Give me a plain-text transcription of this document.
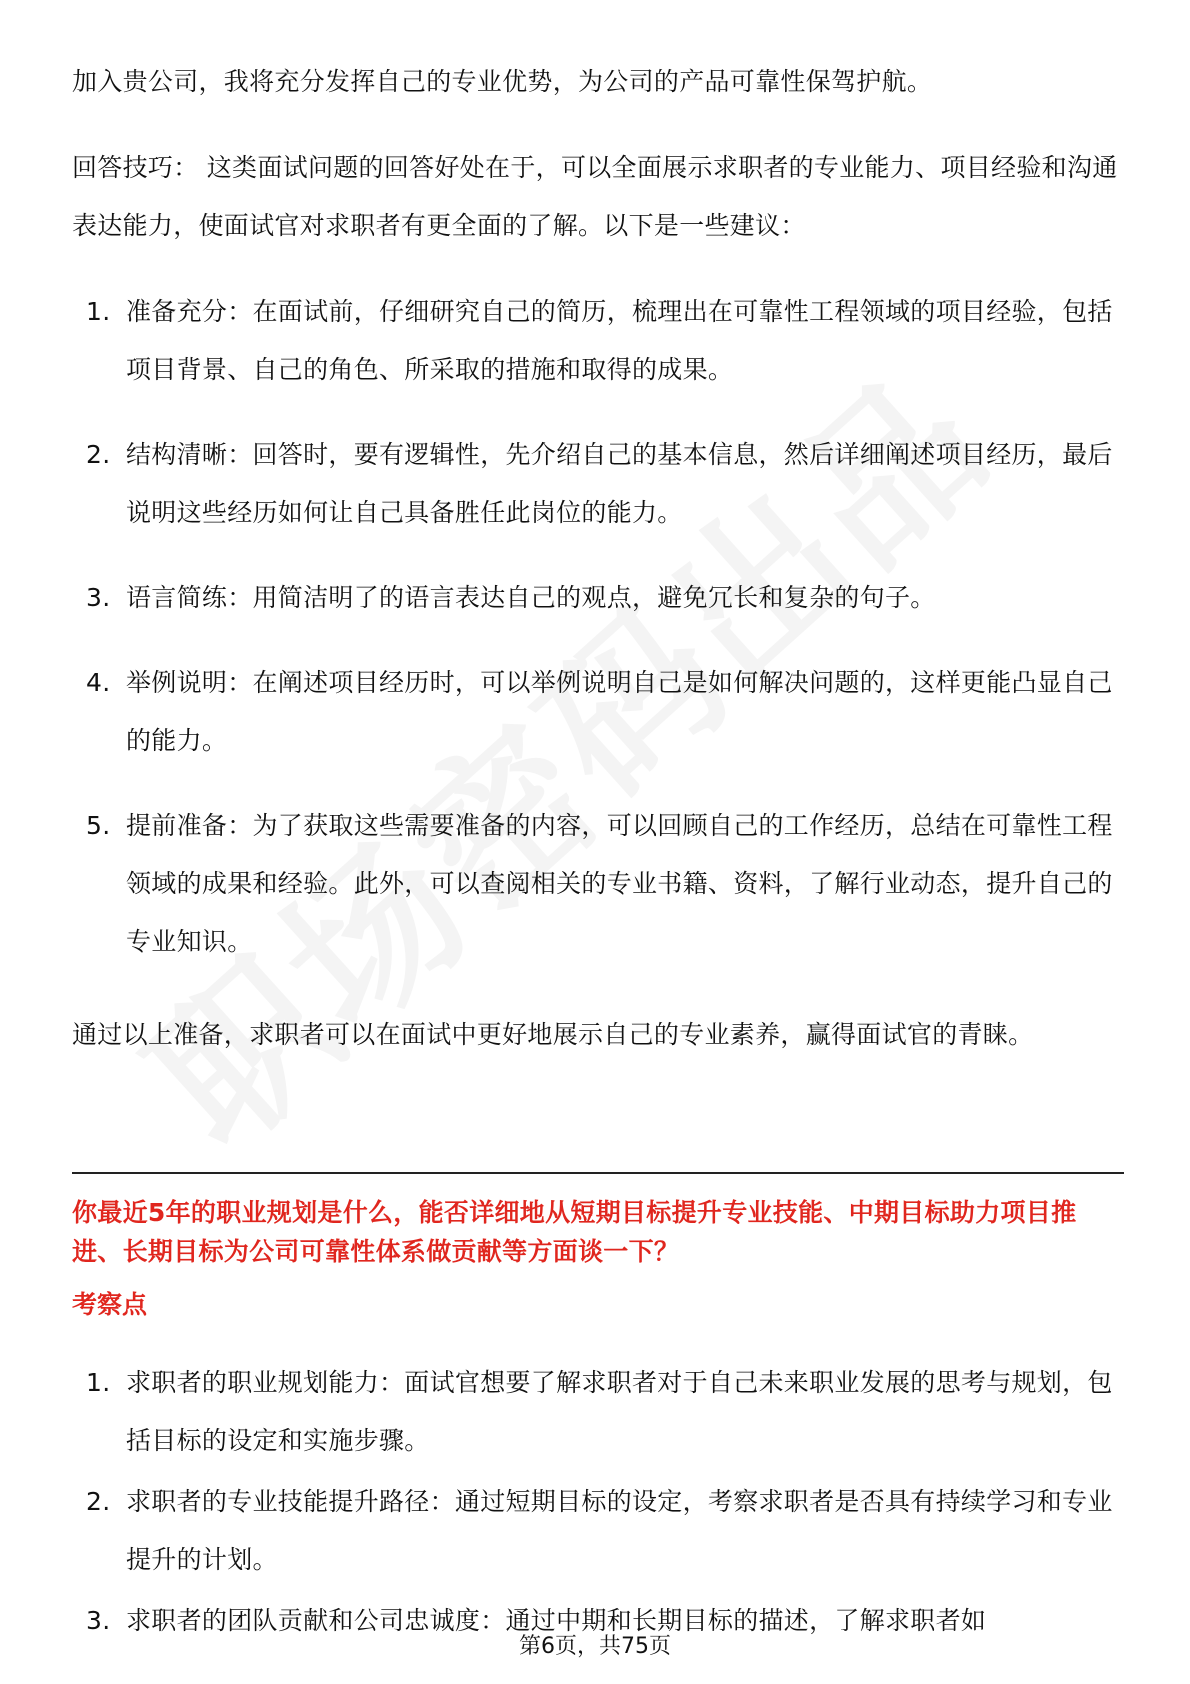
加入贵公司，我将充分发挥自己的专业优势，为公司的产品可靠性保驾护航。

回答技巧： 这类面试问题的回答好处在于，可以全面展示求职者的专业能力、项目经验和沟通表达能力，使面试官对求职者有更全面的了解。以下是一些建议：

1. 准备充分：在面试前，仔细研究自己的简历，梳理出在可靠性工程领域的项目经验，包括项目背景、自己的角色、所采取的措施和取得的成果。
2. 结构清晰：回答时，要有逻辑性，先介绍自己的基本信息，然后详细阐述项目经历，最后说明这些经历如何让自己具备胜任此岗位的能力。
3. 语言简练：用简洁明了的语言表达自己的观点，避免冗长和复杂的句子。
4. 举例说明：在阐述项目经历时，可以举例说明自己是如何解决问题的，这样更能凸显自己的能力。
5. 提前准备：为了获取这些需要准备的内容，可以回顾自己的工作经历，总结在可靠性工程领域的成果和经验。此外，可以查阅相关的专业书籍、资料，了解行业动态，提升自己的专业知识。

通过以上准备，求职者可以在面试中更好地展示自己的专业素养，赢得面试官的青睐。

你最近5年的职业规划是什么，能否详细地从短期目标提升专业技能、中期目标助力项目推进、长期目标为公司可靠性体系做贡献等方面谈一下？
考察点
1. 求职者的职业规划能力：面试官想要了解求职者对于自己未来职业发展的思考与规划，包括目标的设定和实施步骤。
2. 求职者的专业技能提升路径：通过短期目标的设定，考察求职者是否具有持续学习和专业提升的计划。
3. 求职者的团队贡献和公司忠诚度：通过中期和长期目标的描述，了解求职者如
第6页，共75页
